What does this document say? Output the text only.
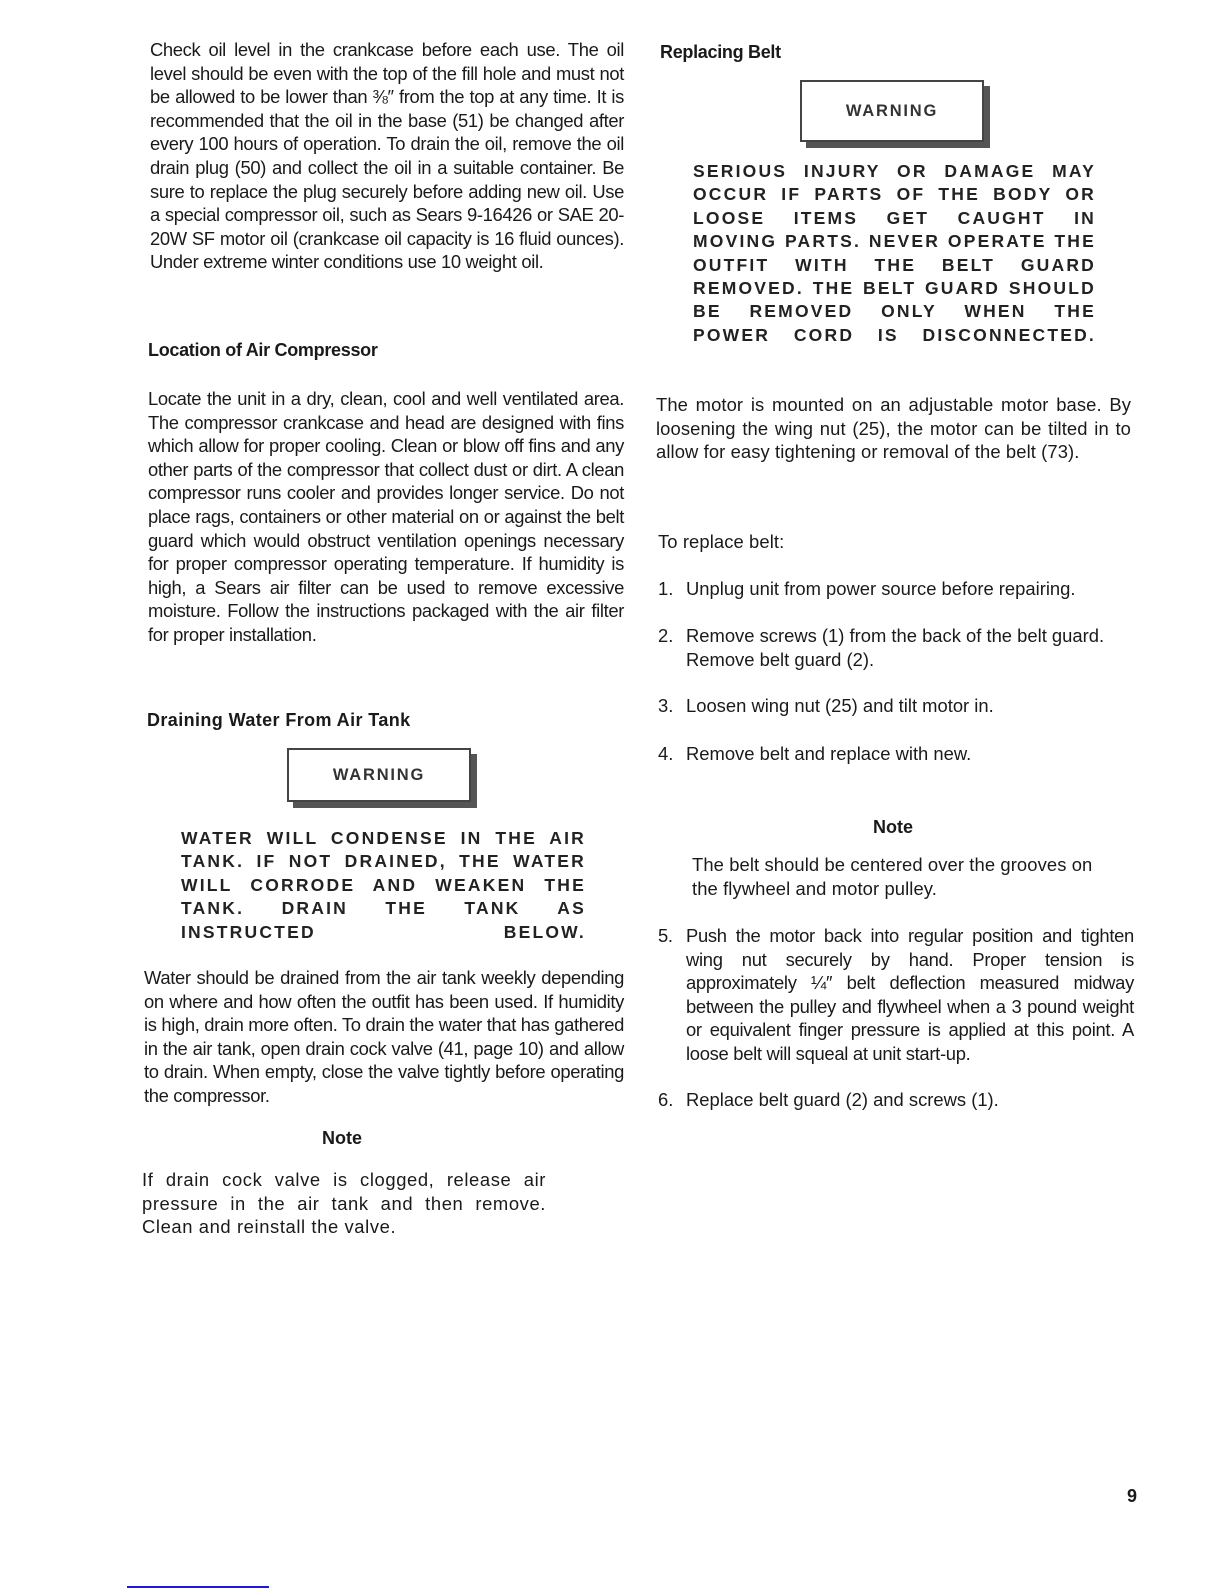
Check oil level in the crankcase before each use. The oil level should be even with the top of the fill hole and must not be allowed to be lower than ⅜″ from the top at any time. It is recommended that the oil in the base (51) be changed after every 100 hours of operation. To drain the oil, remove the oil drain plug (50) and collect the oil in a suitable container. Be sure to replace the plug securely before adding new oil. Use a special compressor oil, such as Sears 9-16426 or SAE 20-20W SF motor oil (crankcase oil capacity is 16 fluid ounces). Under extreme winter conditions use 10 weight oil.
Location of Air Compressor
Locate the unit in a dry, clean, cool and well ventilated area. The compressor crankcase and head are designed with fins which allow for proper cooling. Clean or blow off fins and any other parts of the compressor that collect dust or dirt. A clean compressor runs cooler and provides longer service. Do not place rags, containers or other material on or against the belt guard which would obstruct ventilation openings necessary for proper compressor operating temperature. If humidity is high, a Sears air filter can be used to remove excessive moisture. Follow the instructions packaged with the air filter for proper installation.
Draining Water From Air Tank
WARNING
WATER WILL CONDENSE IN THE AIR TANK. IF NOT DRAINED, THE WATER WILL CORRODE AND WEAKEN THE TANK. DRAIN THE TANK AS INSTRUCTED BELOW.
Water should be drained from the air tank weekly depending on where and how often the outfit has been used. If humidity is high, drain more often. To drain the water that has gathered in the air tank, open drain cock valve (41, page 10) and allow to drain. When empty, close the valve tightly before operating the compressor.
Note
If drain cock valve is clogged, release air pressure in the air tank and then remove. Clean and reinstall the valve.
Replacing Belt
WARNING
SERIOUS INJURY OR DAMAGE MAY OCCUR IF PARTS OF THE BODY OR LOOSE ITEMS GET CAUGHT IN MOVING PARTS. NEVER OPERATE THE OUTFIT WITH THE BELT GUARD REMOVED. THE BELT GUARD SHOULD BE REMOVED ONLY WHEN THE POWER CORD IS DISCONNECTED.
The motor is mounted on an adjustable motor base. By loosening the wing nut (25), the motor can be tilted in to allow for easy tightening or removal of the belt (73).
To replace belt:
1. Unplug unit from power source before repairing.
2. Remove screws (1) from the back of the belt guard. Remove belt guard (2).
3. Loosen wing nut (25) and tilt motor in.
4. Remove belt and replace with new.
Note
The belt should be centered over the grooves on the flywheel and motor pulley.
5. Push the motor back into regular position and tighten wing nut securely by hand. Proper tension is approximately ¼″ belt deflection measured midway between the pulley and flywheel when a 3 pound weight or equivalent finger pressure is applied at this point. A loose belt will squeal at unit start-up.
6. Replace belt guard (2) and screws (1).
9
